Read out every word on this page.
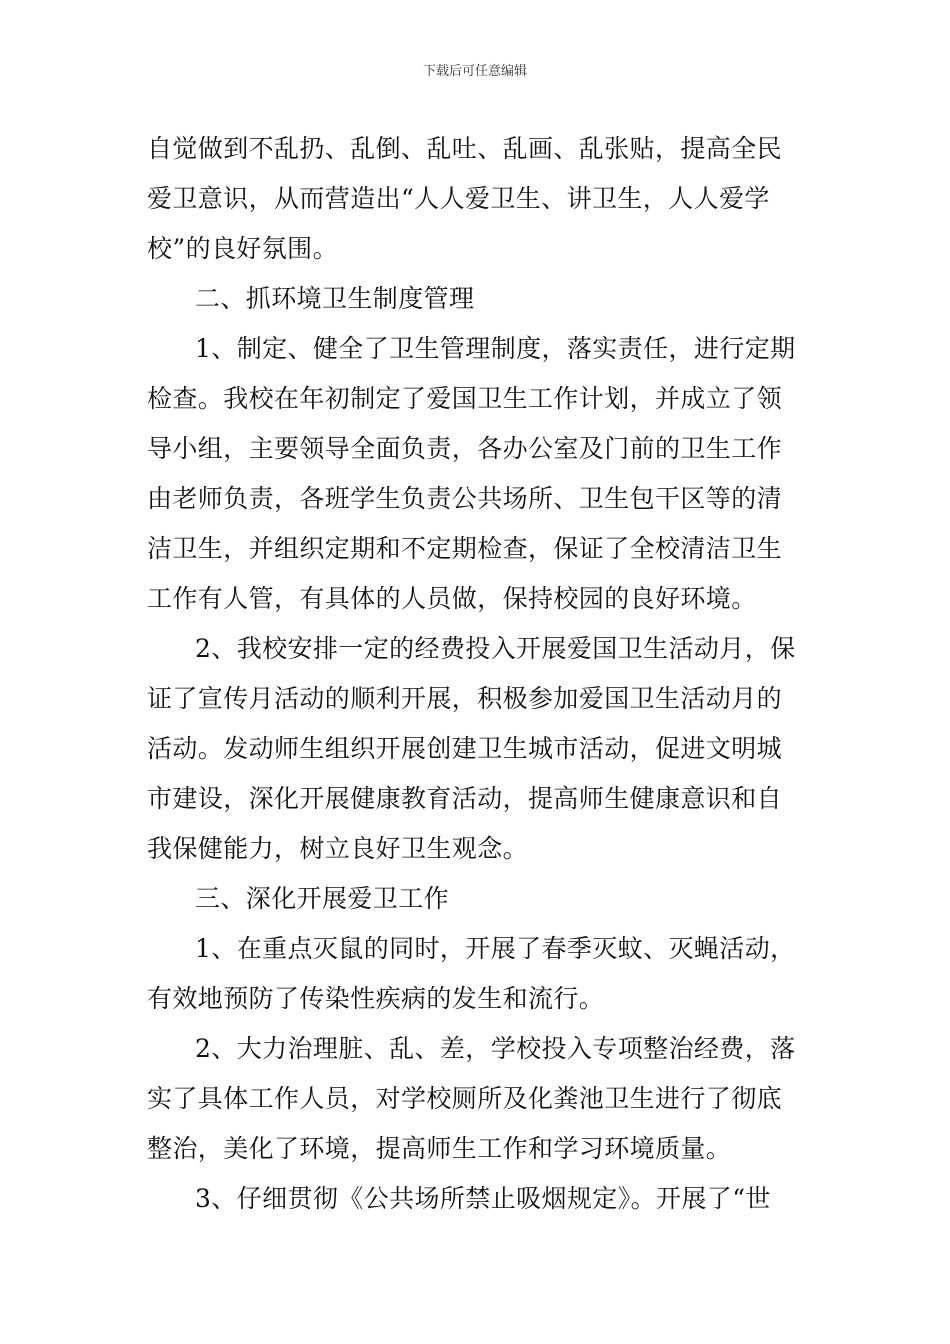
下载后可任意编辑
自觉做到不乱扔、乱倒、乱吐、乱画、乱张贴，提高全民
爱卫意识，从而营造出“人人爱卫生、讲卫生，人人爱学
校”的良好氛围。
二、抓环境卫生制度管理
1、制定、健全了卫生管理制度，落实责任，进行定期
检查。我校在年初制定了爱国卫生工作计划，并成立了领
导小组，主要领导全面负责，各办公室及门前的卫生工作
由老师负责，各班学生负责公共场所、卫生包干区等的清
洁卫生，并组织定期和不定期检查，保证了全校清洁卫生
工作有人管，有具体的人员做，保持校园的良好环境。
2、我校安排一定的经费投入开展爱国卫生活动月，保
证了宣传月活动的顺利开展，积极参加爱国卫生活动月的
活动。发动师生组织开展创建卫生城市活动，促进文明城
市建设，深化开展健康教育活动，提高师生健康意识和自
我保健能力，树立良好卫生观念。
三、深化开展爱卫工作
1、在重点灭鼠的同时，开展了春季灭蚊、灭蝇活动，
有效地预防了传染性疾病的发生和流行。
2、大力治理脏、乱、差，学校投入专项整治经费，落
实了具体工作人员，对学校厕所及化粪池卫生进行了彻底
整治，美化了环境，提高师生工作和学习环境质量。
3、仔细贯彻《公共场所禁止吸烟规定》。开展了“世
